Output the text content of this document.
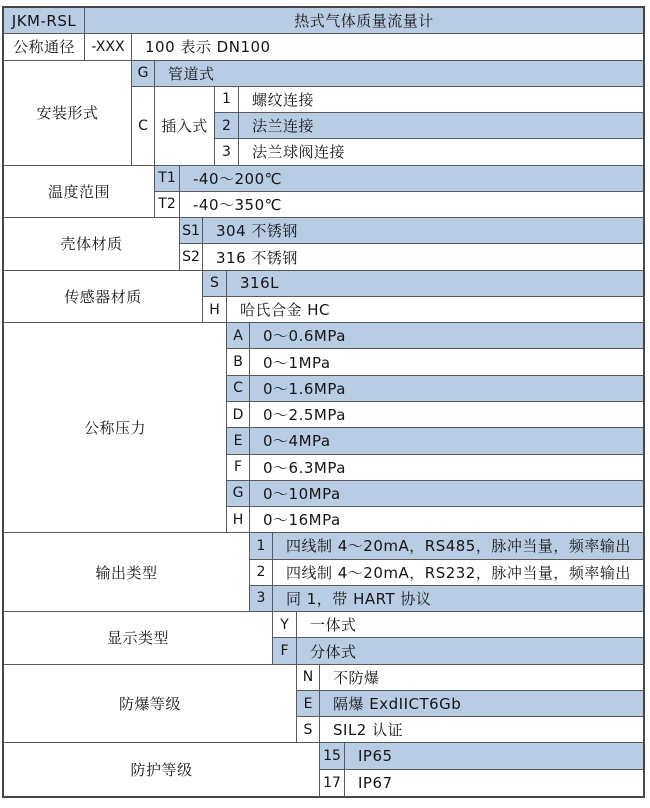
JKM-RSL	热式气体质量流量计
公称通径	-XXX	100 表示 DN100
安装形式
G	管道式
C 插入式
1	螺纹连接
2	法兰连接
3	法兰球阀连接
温度范围
T1	-40～200℃
T2	-40～350℃
壳体材质
S1	304 不锈钢
S2	316 不锈钢
传感器材质
S	316L
H	哈氏合金 HC
公称压力
A	0～0.6MPa
B	0～1MPa
C	0～1.6MPa
D	0～2.5MPa
E	0～4MPa
F	0～6.3MPa
G	0～10MPa
H	0～16MPa
输出类型
1	四线制 4～20mA，RS485，脉冲当量，频率输出
2	四线制 4～20mA，RS232，脉冲当量，频率输出
3	同 1，带 HART 协议
显示类型
Y	一体式
F	分体式
防爆等级
N	不防爆
E	隔爆 ExdIICT6Gb
S	SIL2 认证
防护等级
15	IP65
17	IP67
